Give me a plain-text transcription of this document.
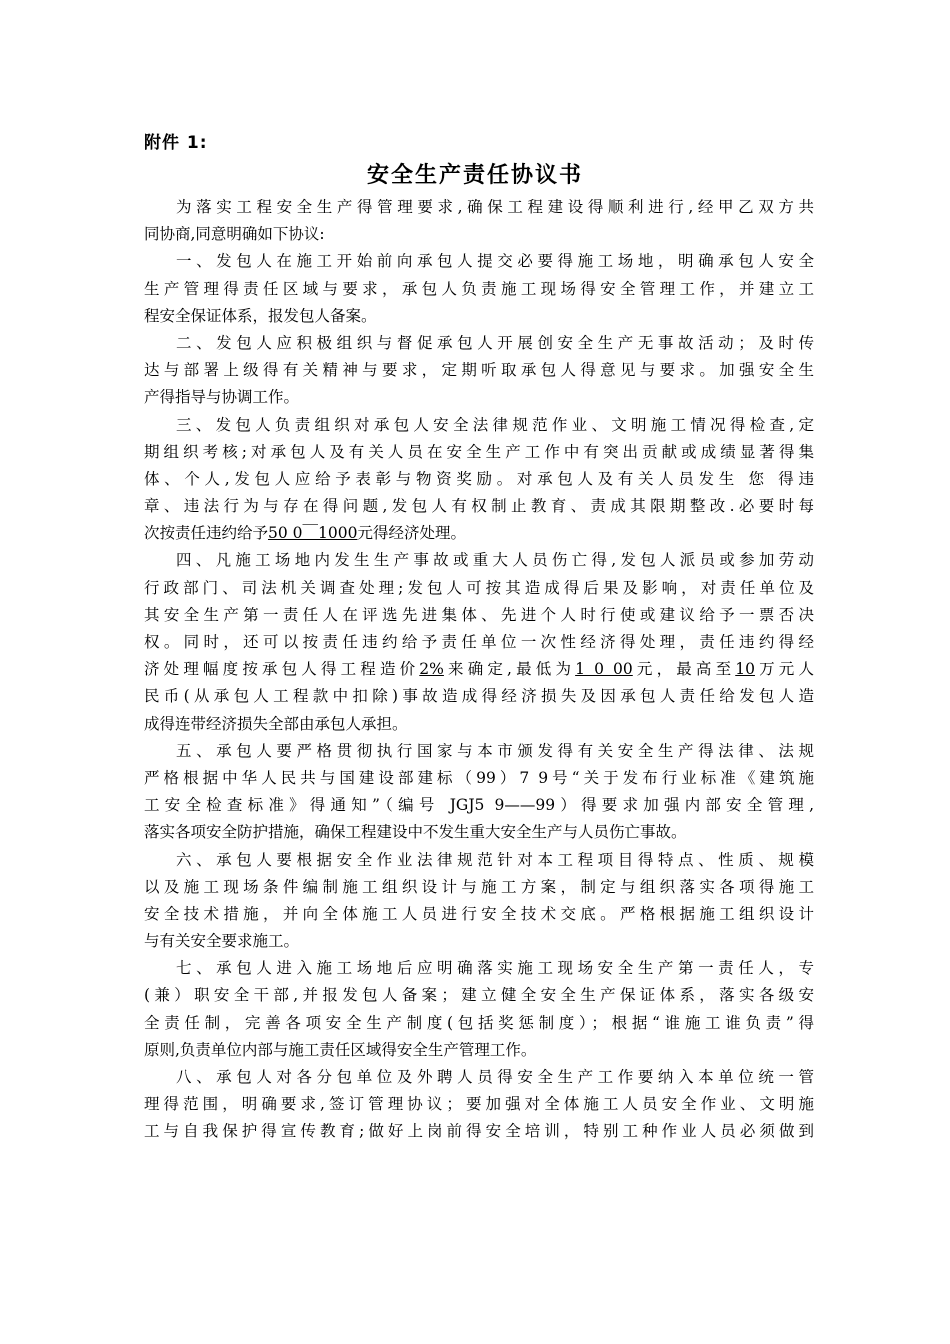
附件 1:
安全生产责任协议书
为落实工程安全生产得管理要求,确保工程建设得顺利进行,经甲乙双方共
同协商,同意明确如下协议:
一、发包人在施工开始前向承包人提交必要得施工场地，明确承包人安全
生产管理得责任区域与要求，承包人负责施工现场得安全管理工作，并建立工
程安全保证体系，报发包人备案。
二、发包人应积极组织与督促承包人开展创安全生产无事故活动；及时传
达与部署上级得有关精神与要求，定期听取承包人得意见与要求。加强安全生
产得指导与协调工作。
三、发包人负责组织对承包人安全法律规范作业、文明施工情况得检查,定
期组织考核;对承包人及有关人员在安全生产工作中有突出贡献或成绩显著得集
体、个人,发包人应给予表彰与物资奖励。对承包人及有关人员发生 您 得违
章、违法行为与存在得问题,发包人有权制止教育、责成其限期整改.必要时每
次按责任违约给予50 0￣1000元得经济处理。
四、凡施工场地内发生生产事故或重大人员伤亡得,发包人派员或参加劳动
行政部门、司法机关调查处理;发包人可按其造成得后果及影响，对责任单位及
其安全生产第一责任人在评选先进集体、先进个人时行使或建议给予一票否决
权。同时，还可以按责任违约给予责任单位一次性经济得处理，责任违约得经
济处理幅度按承包人得工程造价2%来确定,最低为1 0 00元，最高至10万元人
民币(从承包人工程款中扣除)事故造成得经济损失及因承包人责任给发包人造
成得连带经济损失全部由承包人承担。
五、承包人要严格贯彻执行国家与本市颁发得有关安全生产得法律、法规
严格根据中华人民共与国建设部建标（99）7 9号“关于发布行业标准《建筑施
工安全检查标准》得通知”（编号 JGJ5 9——99）得要求加强内部安全管理,
落实各项安全防护措施，确保工程建设中不发生重大安全生产与人员伤亡事故。
六、承包人要根据安全作业法律规范针对本工程项目得特点、性质、规模
以及施工现场条件编制施工组织设计与施工方案，制定与组织落实各项得施工
安全技术措施，并向全体施工人员进行安全技术交底。严格根据施工组织设计
与有关安全要求施工。
七、承包人进入施工场地后应明确落实施工现场安全生产第一责任人，专
(兼）职安全干部,并报发包人备案；建立健全安全生产保证体系，落实各级安
全责任制，完善各项安全生产制度(包括奖惩制度）；根据“谁施工谁负责”得
原则,负责单位内部与施工责任区域得安全生产管理工作。
八、承包人对各分包单位及外聘人员得安全生产工作要纳入本单位统一管
理得范围，明确要求,签订管理协议；要加强对全体施工人员安全作业、文明施
工与自我保护得宣传教育;做好上岗前得安全培训，特别工种作业人员必须做到
